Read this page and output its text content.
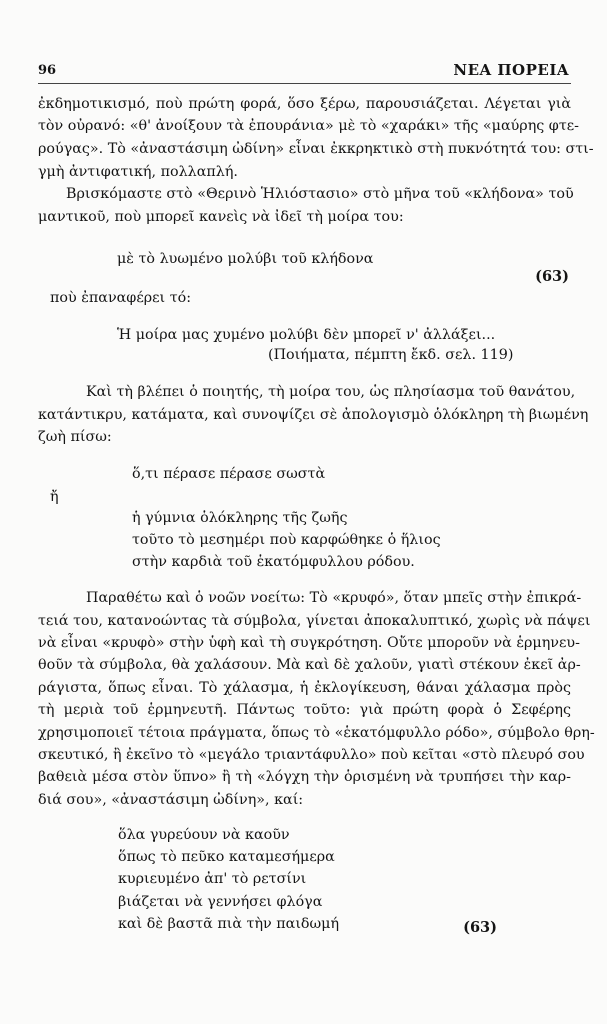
96	ΝΕΑ ΠΟΡΕΙΑ
ἐκδημοτικισμό, ποὺ πρώτη φορά, ὅσο ξέρω, παρουσιάζεται. Λέγεται γιὰ
τὸν οὐρανό: «θ' ἀνοίξουν τὰ ἐπουράνια» μὲ τὸ «χαράκι» τῆς «μαύρης φτε-
ρούγας». Τὸ «ἀναστάσιμη ὠδίνη» εἶναι ἐκκρηκτικὸ στὴ πυκνότητά του: στι-
γμὴ ἀντιφατική, πολλαπλή.
Βρισκόμαστε στὸ «Θερινὸ Ἡλιόστασιο» στὸ μῆνα τοῦ «κλήδονα» τοῦ
μαντικοῦ, ποὺ μπορεῖ κανεὶς νὰ ἰδεῖ τὴ μοίρα του:
μὲ τὸ λυωμένο μολύβι τοῦ κλήδονα
(63)
ποὺ ἐπαναφέρει τό:
Ἡ μοίρα μας χυμένο μολύβι δὲν μπορεῖ ν' ἀλλάξει...
(Ποιήματα, πέμπτη ἔκδ. σελ. 119)
Καὶ τὴ βλέπει ὁ ποιητής, τὴ μοίρα του, ὡς πλησίασμα τοῦ θανάτου,
κατάντικρυ, κατάματα, καὶ συνοψίζει σὲ ἀπολογισμὸ ὁλόκληρη τὴ βιωμένη
ζωὴ πίσω:
ὅ,τι πέρασε πέρασε σωστὰ
ἤ
ἡ γύμνια ὁλόκληρης τῆς ζωῆς
τοῦτο τὸ μεσημέρι ποὺ καρφώθηκε ὁ ἥλιος
στὴν καρδιὰ τοῦ ἑκατόμφυλλου ρόδου.
Παραθέτω καὶ ὁ νοῶν νοείτω: Τὸ «κρυφό», ὅταν μπεῖς στὴν ἐπικρά-
τειά του, κατανοώντας τὰ σύμβολα, γίνεται ἀποκαλυπτικό, χωρὶς νὰ πάψει
νὰ εἶναι «κρυφὸ» στὴν ὑφὴ καὶ τὴ συγκρότηση. Οὔτε μποροῦν νὰ ἑρμηνευ-
θοῦν τὰ σύμβολα, θὰ χαλάσουν. Μὰ καὶ δὲ χαλοῦν, γιατὶ στέκουν ἐκεῖ ἀρ-
ράγιστα, ὅπως εἶναι. Τὸ χάλασμα, ἡ ἐκλογίκευση, θάναι χάλασμα πρὸς
τὴ μεριὰ τοῦ ἑρμηνευτῆ. Πάντως τοῦτο: γιὰ πρώτη φορὰ ὁ Σεφέρης
χρησιμοποιεῖ τέτοια πράγματα, ὅπως τὸ «ἑκατόμφυλλο ρόδο», σύμβολο θρη-
σκευτικό, ἢ ἐκεῖνο τὸ «μεγάλο τριαντάφυλλο» ποὺ κεῖται «στὸ πλευρό σου
βαθειὰ μέσα στὸν ὕπνο» ἢ τὴ «λόγχη τὴν ὁρισμένη νὰ τρυπήσει τὴν καρ-
διά σου», «ἀναστάσιμη ὠδίνη», καί:
ὅλα γυρεύουν νὰ καοῦν
ὅπως τὸ πεῦκο καταμεσήμερα
κυριευμένο ἀπ' τὸ ρετσίνι
βιάζεται νὰ γεννήσει φλόγα
καὶ δὲ βαστᾶ πιὰ τὴν παιδωμή	(63)
